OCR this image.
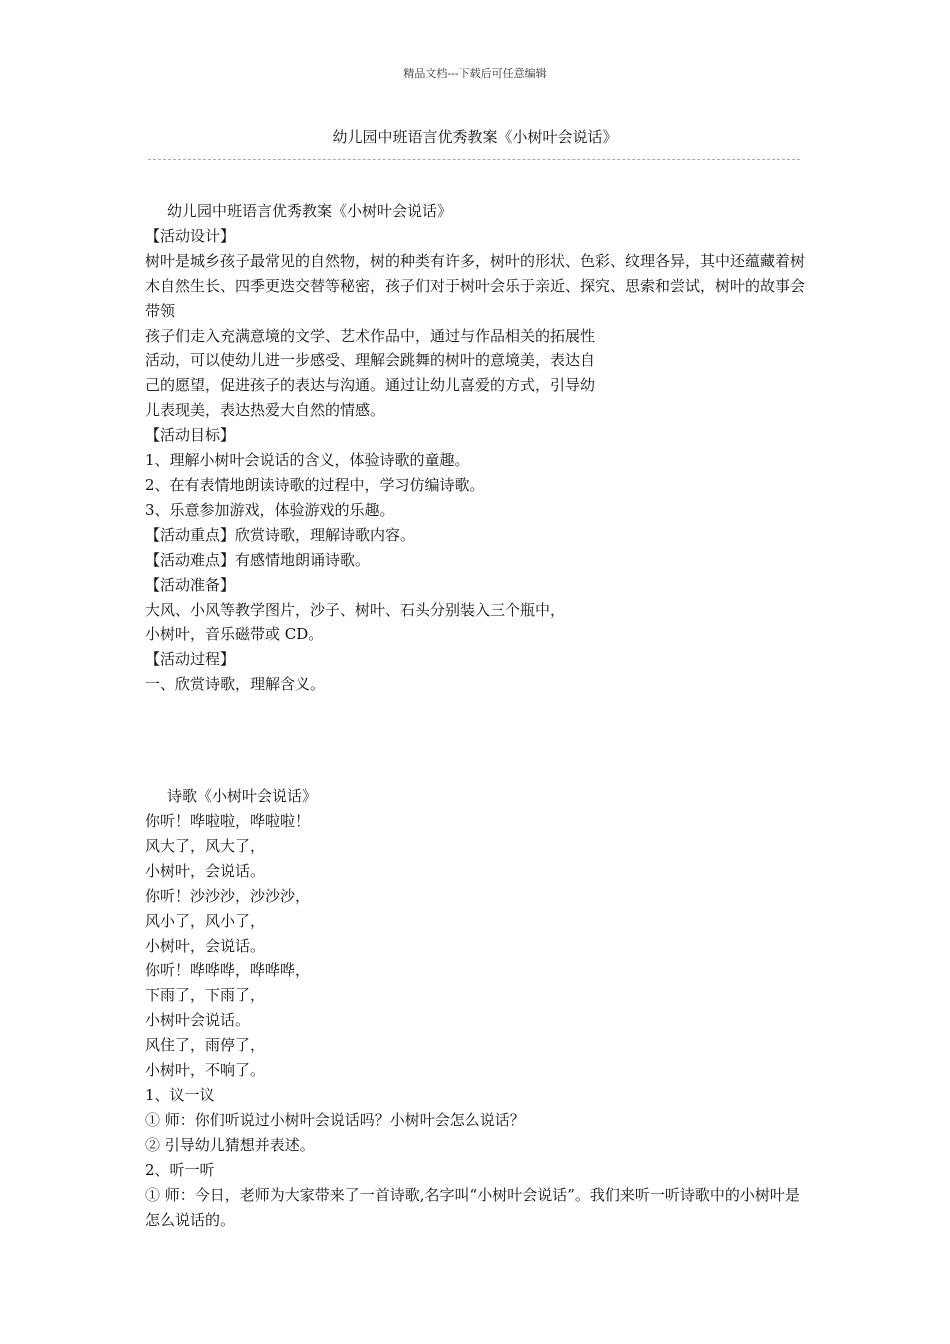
精品文档---下载后可任意编辑
幼儿园中班语言优秀教案《小树叶会说话》
幼儿园中班语言优秀教案《小树叶会说话》
【活动设计】
树叶是城乡孩子最常见的自然物，树的种类有许多，树叶的形状、色彩、纹理各异，其中还蕴藏着树木自然生长、四季更迭交替等秘密，孩子们对于树叶会乐于亲近、探究、思索和尝试，树叶的故事会带领
孩子们走入充满意境的文学、艺术作品中，通过与作品相关的拓展性
活动，可以使幼儿进一步感受、理解会跳舞的树叶的意境美，表达自
己的愿望，促进孩子的表达与沟通。通过让幼儿喜爱的方式，引导幼
儿表现美，表达热爱大自然的情感。
【活动目标】
1、理解小树叶会说话的含义，体验诗歌的童趣。
2、在有表情地朗读诗歌的过程中，学习仿编诗歌。
3、乐意参加游戏，体验游戏的乐趣。
【活动重点】欣赏诗歌，理解诗歌内容。
【活动难点】有感情地朗诵诗歌。
【活动准备】
大风、小风等教学图片，沙子、树叶、石头分别装入三个瓶中，
小树叶，音乐磁带或 CD。
【活动过程】
一、欣赏诗歌，理解含义。
诗歌《小树叶会说话》
你听！哗啦啦，哗啦啦！
风大了，风大了，
小树叶，会说话。
你听！沙沙沙，沙沙沙，
风小了，风小了，
小树叶，会说话。
你听！哗哗哗，哗哗哗，
下雨了，下雨了，
小树叶会说话。
风住了，雨停了，
小树叶，不响了。
1、议一议
① 师：你们听说过小树叶会说话吗？小树叶会怎么说话？
② 引导幼儿猜想并表述。
2、听一听
① 师：今日，老师为大家带来了一首诗歌,名字叫“小树叶会说话”。我们来听一听诗歌中的小树叶是怎么说话的。
